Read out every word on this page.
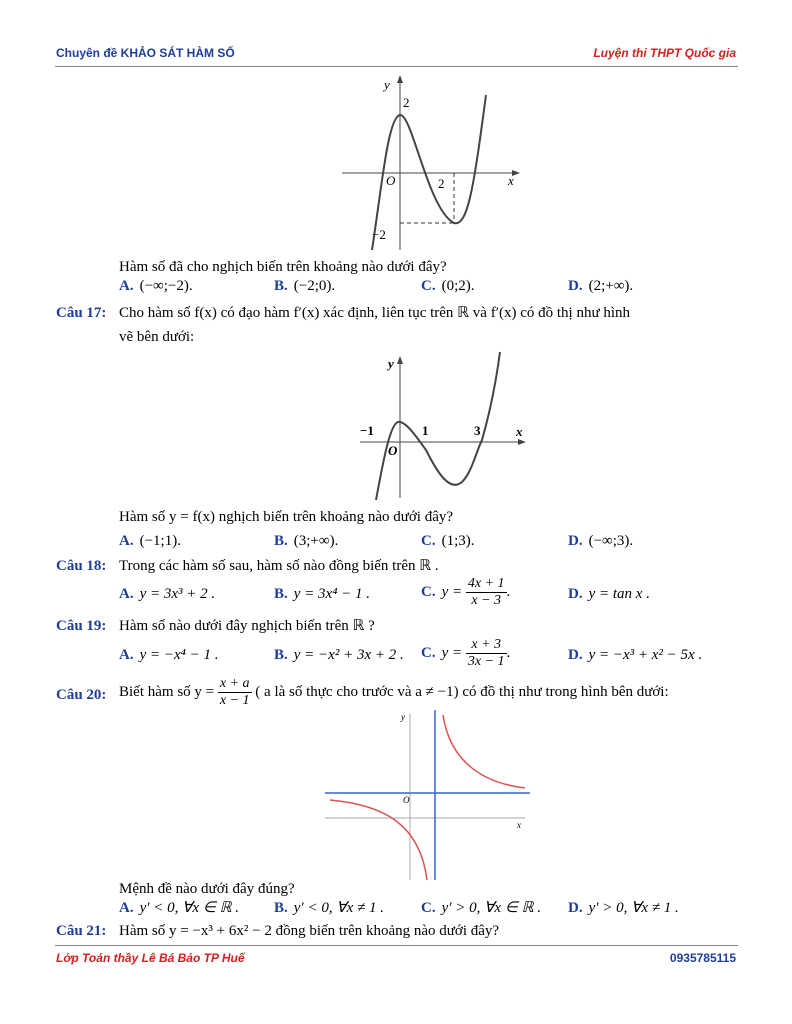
Chuyên đề KHẢO SÁT HÀM SỐ	Luyện thi THPT Quốc gia
y
x
O
2
2
−2
Hàm số đã cho nghịch biến trên khoảng nào dưới đây?
A. (−∞;−2).	B. (−2;0).	C. (0;2).	D. (2;+∞).
Câu 17: Cho hàm số f(x) có đạo hàm f′(x) xác định, liên tục trên ℝ và f′(x) có đồ thị như hình
vẽ bên dưới:
y
x
O
−1	1	3
Hàm số y = f(x) nghịch biến trên khoảng nào dưới đây?
A. (−1;1).	B. (3;+∞).	C. (1;3).	D. (−∞;3).
Câu 18: Trong các hàm số sau, hàm số nào đồng biến trên ℝ .
A. y = 3x³ + 2 .	B. y = 3x⁴ − 1 .	C. $y = \frac{4x + 1}{x - 3}$ .	D. y = tan x .
Câu 19: Hàm số nào dưới đây nghịch biến trên ℝ ?
A. y = −x⁴ − 1 .	B. y = −x² + 3x + 2 . C. $y = \frac{x + 3}{3x - 1}$ .	D. y = −x³ + x² − 5x .
Câu 20: Biết hàm số $y = \frac{x + a}{x - 1}$ ( a là số thực cho trước và a ≠ −1) có đồ thị như trong hình bên dưới:
y
x
O
Mệnh đề nào dưới đây đúng?
A. y′ < 0, ∀x ∈ ℝ . B. y′ < 0, ∀x ≠ 1 . C. y′ > 0, ∀x ∈ ℝ . D. y′ > 0, ∀x ≠ 1 .
Câu 21: Hàm số y = −x³ + 6x² − 2 đồng biến trên khoảng nào dưới đây?
Lớp Toán thầy Lê Bá Bảo TP Huế	0935785115
